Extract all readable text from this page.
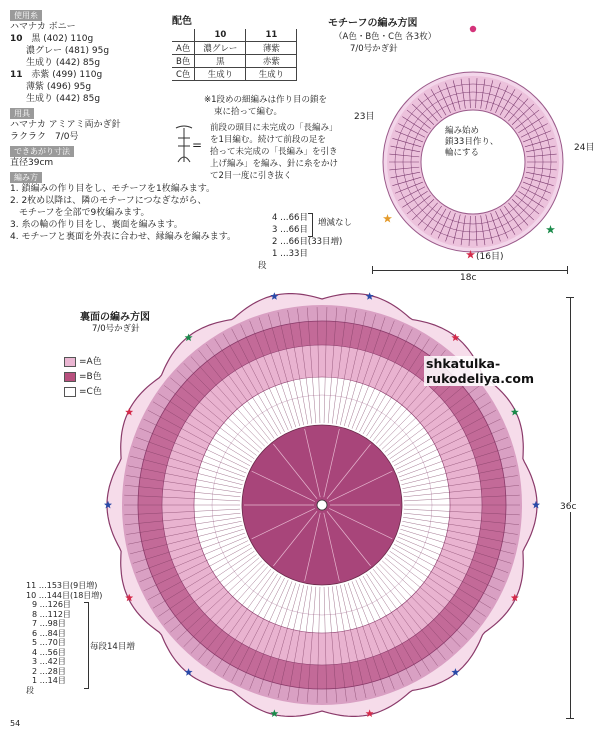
使用糸
ハマナカ ボニー
10 黒 (402) 110g
濃グレー (481) 95g
生成り (442) 85g
11 赤紫 (499) 110g
薄紫 (496) 95g
生成り (442) 85g
用具
ハマナカ アミアミ両かぎ針
ラクラク　7/0号
できあがり寸法
直径39cm
編み方
1. 鎖編みの作り目をし、モチーフを1枚編みます。
2. 2枚め以降は、隣のモチーフにつなぎながら、
　モチーフを全部で9枚編みます。
3. 糸の輪の作り目をし、裏面を編みます。
4. モチーフと裏面を外表に合わせ、縁編みを編みます。
配色
	10	11
A色	濃グレー	薄紫
B色	黒	赤紫
C色	生成り	生成り
※1段めの細編みは作り目の鎖を
束に拾って編む。
=
前段の頭目に未完成の「長編み」
を1目編む。続けて前段の足を
拾って未完成の「長編み」を引き
上げ編み」を編み、針に糸をかけ
て2目一度に引き抜く
モチーフの編み方図
（A色・B色・C色 各3枚）
7/0号かぎ針
編み始め
鎖33目作り、
輪にする
23目
24目
(16目)
18c
4 …66目
3 …66目
2 …66目(33目増)
1 …33目
段
増減なし
裏面の編み方図
7/0号かぎ針
=A色
=B色
=C色
shkatulka-rukodeliya.com
36c
11 …153目(9目増)
10 …144目(18目増)
9 …126目
8 …112目
7 …98目
6 …84目
5 …70目
4 …56目
3 …42目
2 …28目
1 …14目
段
毎段14目増
54
